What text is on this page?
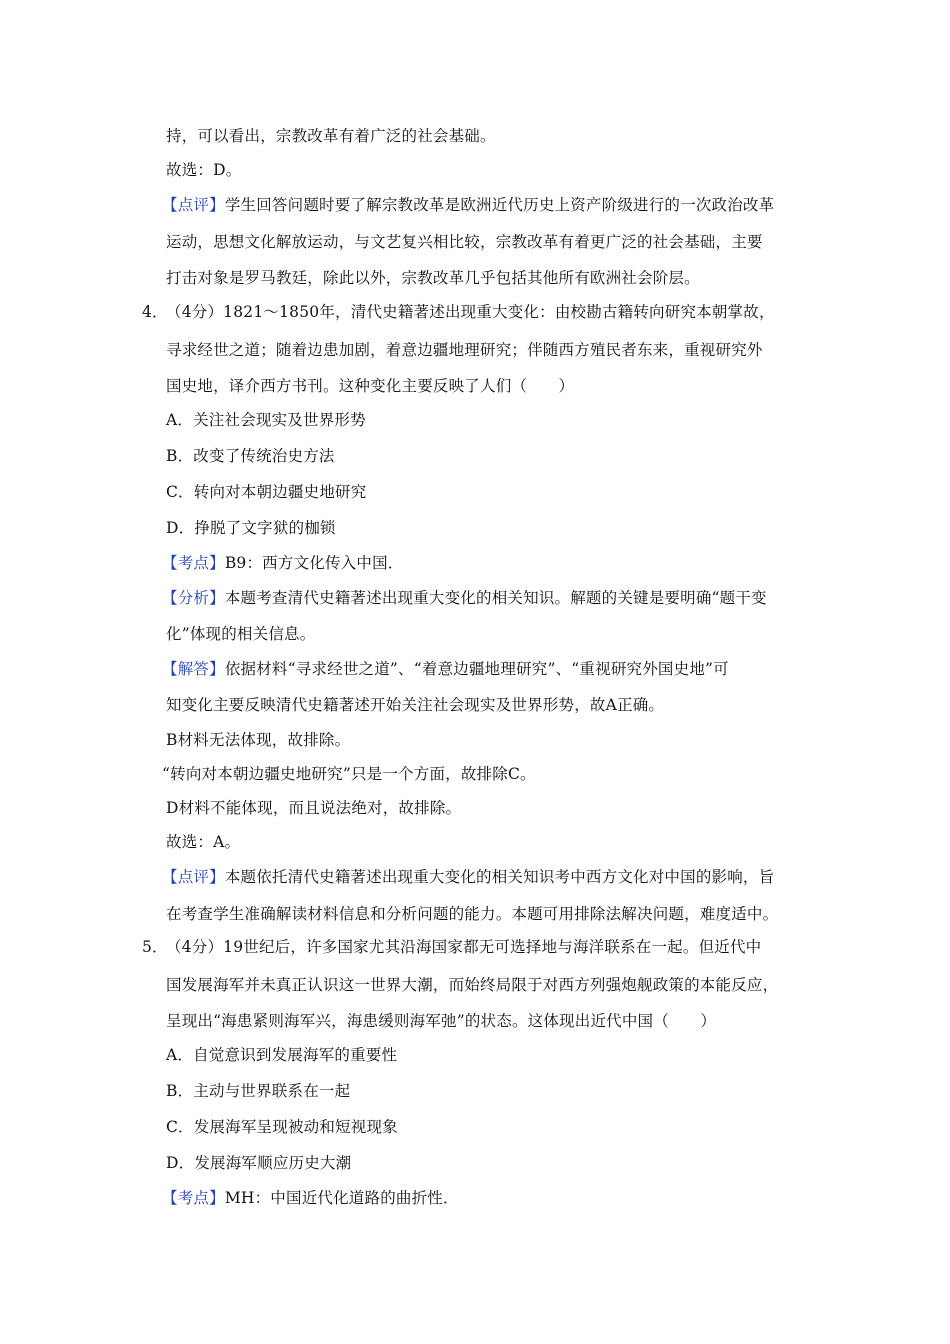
持，可以看出，宗教改革有着广泛的社会基础。
故选：D。
【点评】学生回答问题时要了解宗教改革是欧洲近代历史上资产阶级进行的一次政治改革
运动，思想文化解放运动，与文艺复兴相比较，宗教改革有着更广泛的社会基础，主要
打击对象是罗马教廷，除此以外，宗教改革几乎包括其他所有欧洲社会阶层。
4．（4分）1821～1850年，清代史籍著述出现重大变化：由校勘古籍转向研究本朝掌故，
寻求经世之道；随着边患加剧，着意边疆地理研究；伴随西方殖民者东来，重视研究外
国史地，译介西方书刊。这种变化主要反映了人们（　　）
A．关注社会现实及世界形势
B．改变了传统治史方法
C．转向对本朝边疆史地研究
D．挣脱了文字狱的枷锁
【考点】B9：西方文化传入中国．
【分析】本题考查清代史籍著述出现重大变化的相关知识。解题的关键是要明确“题干变
化”体现的相关信息。
【解答】依据材料“寻求经世之道”、“着意边疆地理研究”、“重视研究外国史地”可
知变化主要反映清代史籍著述开始关注社会现实及世界形势，故A正确。
B材料无法体现，故排除。
“转向对本朝边疆史地研究”只是一个方面，故排除C。
D材料不能体现，而且说法绝对，故排除。
故选：A。
【点评】本题依托清代史籍著述出现重大变化的相关知识考中西方文化对中国的影响，旨
在考查学生准确解读材料信息和分析问题的能力。本题可用排除法解决问题，难度适中。
5．（4分）19世纪后，许多国家尤其沿海国家都无可选择地与海洋联系在一起。但近代中
国发展海军并未真正认识这一世界大潮，而始终局限于对西方列强炮舰政策的本能反应，
呈现出“海患紧则海军兴，海患缓则海军弛”的状态。这体现出近代中国（　　）
A．自觉意识到发展海军的重要性
B．主动与世界联系在一起
C．发展海军呈现被动和短视现象
D．发展海军顺应历史大潮
【考点】MH：中国近代化道路的曲折性．
